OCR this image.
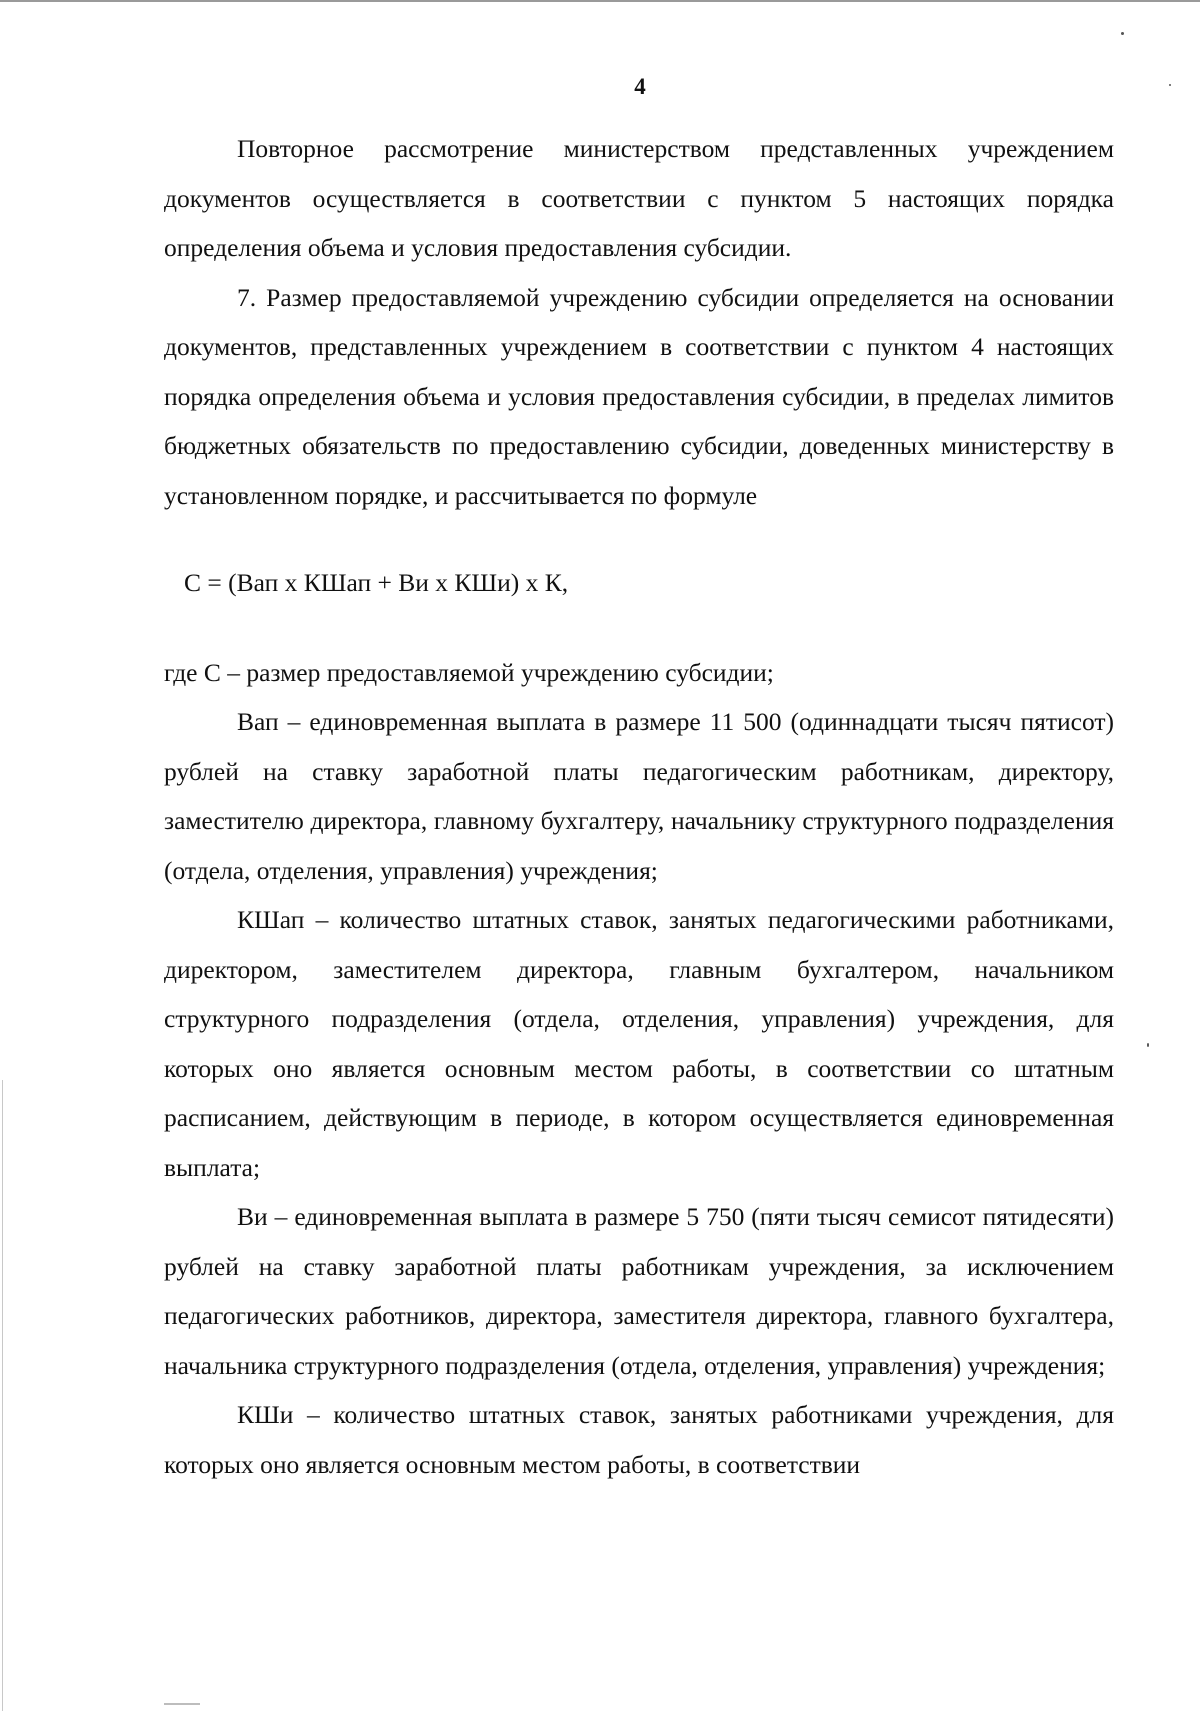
4

Повторное рассмотрение министерством представленных учреждением документов осуществляется в соответствии с пунктом 5 настоящих порядка определения объема и условия предоставления субсидии.

7. Размер предоставляемой учреждению субсидии определяется на основании документов, представленных учреждением в соответствии с пунктом 4 настоящих порядка определения объема и условия предоставления субсидии, в пределах лимитов бюджетных обязательств по предоставлению субсидии, доведенных министерству в установленном порядке, и рассчитывается по формуле

С = (Вап х КШап + Ви х КШи) х К,

где С – размер предоставляемой учреждению субсидии;

Вап – единовременная выплата в размере 11 500 (одиннадцати тысяч пятисот) рублей на ставку заработной платы педагогическим работникам, директору, заместителю директора, главному бухгалтеру, начальнику структурного подразделения (отдела, отделения, управления) учреждения;

КШап – количество штатных ставок, занятых педагогическими работниками, директором, заместителем директора, главным бухгалтером, начальником структурного подразделения (отдела, отделения, управления) учреждения, для которых оно является основным местом работы, в соответствии со штатным расписанием, действующим в периоде, в котором осуществляется единовременная выплата;

Ви – единовременная выплата в размере 5 750 (пяти тысяч семисот пятидесяти) рублей на ставку заработной платы работникам учреждения, за исключением педагогических работников, директора, заместителя директора, главного бухгалтера, начальника структурного подразделения (отдела, отделения, управления) учреждения;

КШи – количество штатных ставок, занятых работниками учреждения, для которых оно является основным местом работы, в соответствии
